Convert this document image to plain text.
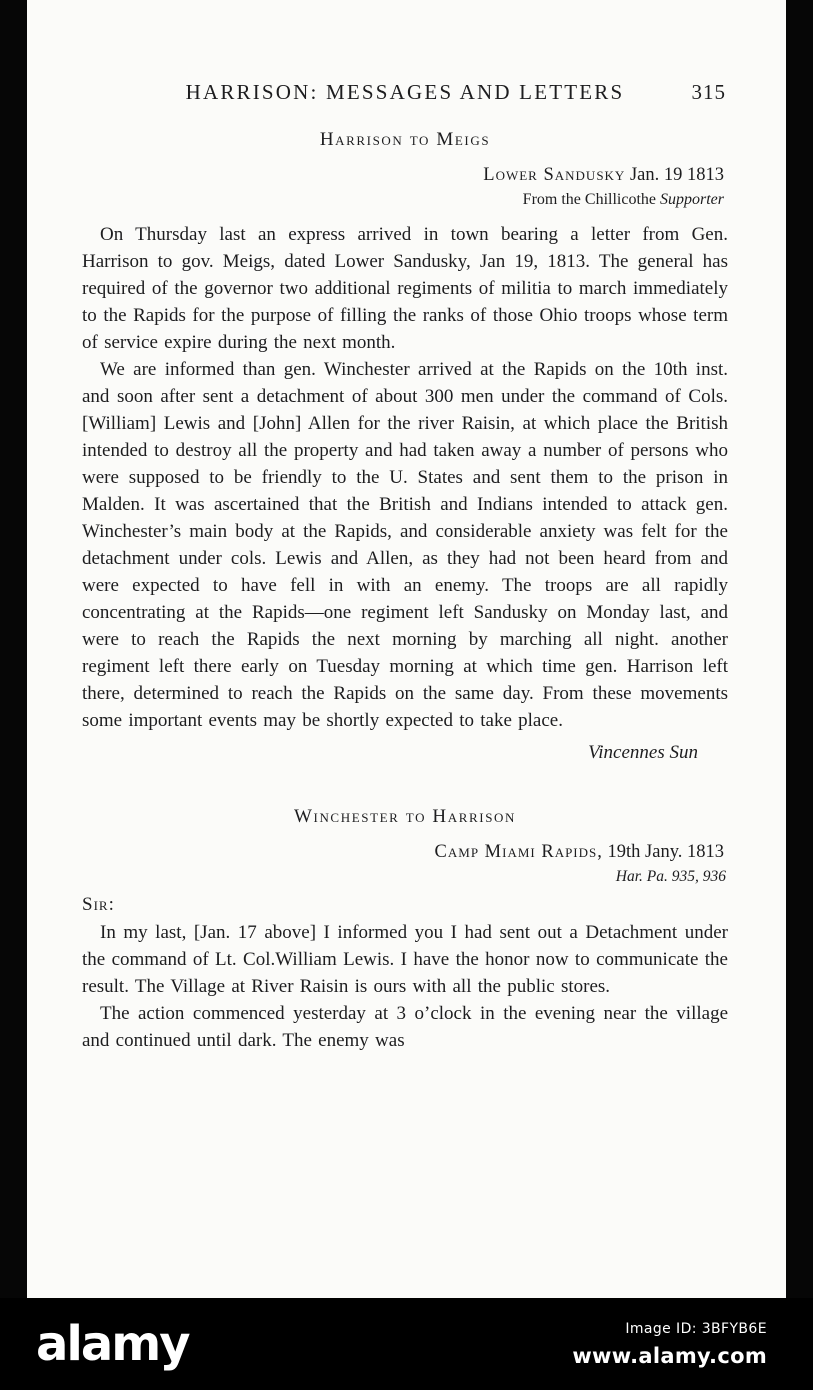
HARRISON: MESSAGES AND LETTERS	315
Harrison to Meigs
Lower Sandusky Jan. 19 1813
From the Chillicothe Supporter

On Thursday last an express arrived in town bearing a letter from Gen. Harrison to gov. Meigs, dated Lower Sandusky, Jan 19, 1813. The general has required of the governor two additional regiments of militia to march immediately to the Rapids for the purpose of filling the ranks of those Ohio troops whose term of service expire during the next month.

We are informed than gen. Winchester arrived at the Rapids on the 10th inst. and soon after sent a detachment of about 300 men under the command of Cols. [William] Lewis and [John] Allen for the river Raisin, at which place the British intended to destroy all the property and had taken away a number of persons who were supposed to be friendly to the U. States and sent them to the prison in Malden. It was ascertained that the British and Indians intended to attack gen. Winchester’s main body at the Rapids, and considerable anxiety was felt for the detachment under cols. Lewis and Allen, as they had not been heard from and were expected to have fell in with an enemy. The troops are all rapidly concentrating at the Rapids—one regiment left Sandusky on Monday last, and were to reach the Rapids the next morning by marching all night. another regiment left there early on Tuesday morning at which time gen. Harrison left there, determined to reach the Rapids on the same day. From these movements some important events may be shortly expected to take place.

Vincennes Sun
Winchester to Harrison
Camp Miami Rapids, 19th Jany. 1813
Har. Pa. 935, 936
Sir:

In my last, [Jan. 17 above] I informed you I had sent out a Detachment under the command of Lt. Col.William Lewis. I have the honor now to communicate the result. The Village at River Raisin is ours with all the public stores.

The action commenced yesterday at 3 o’clock in the evening near the village and continued until dark. The enemy was

alamy	Image ID: 3BFYB6E
www.alamy.com
